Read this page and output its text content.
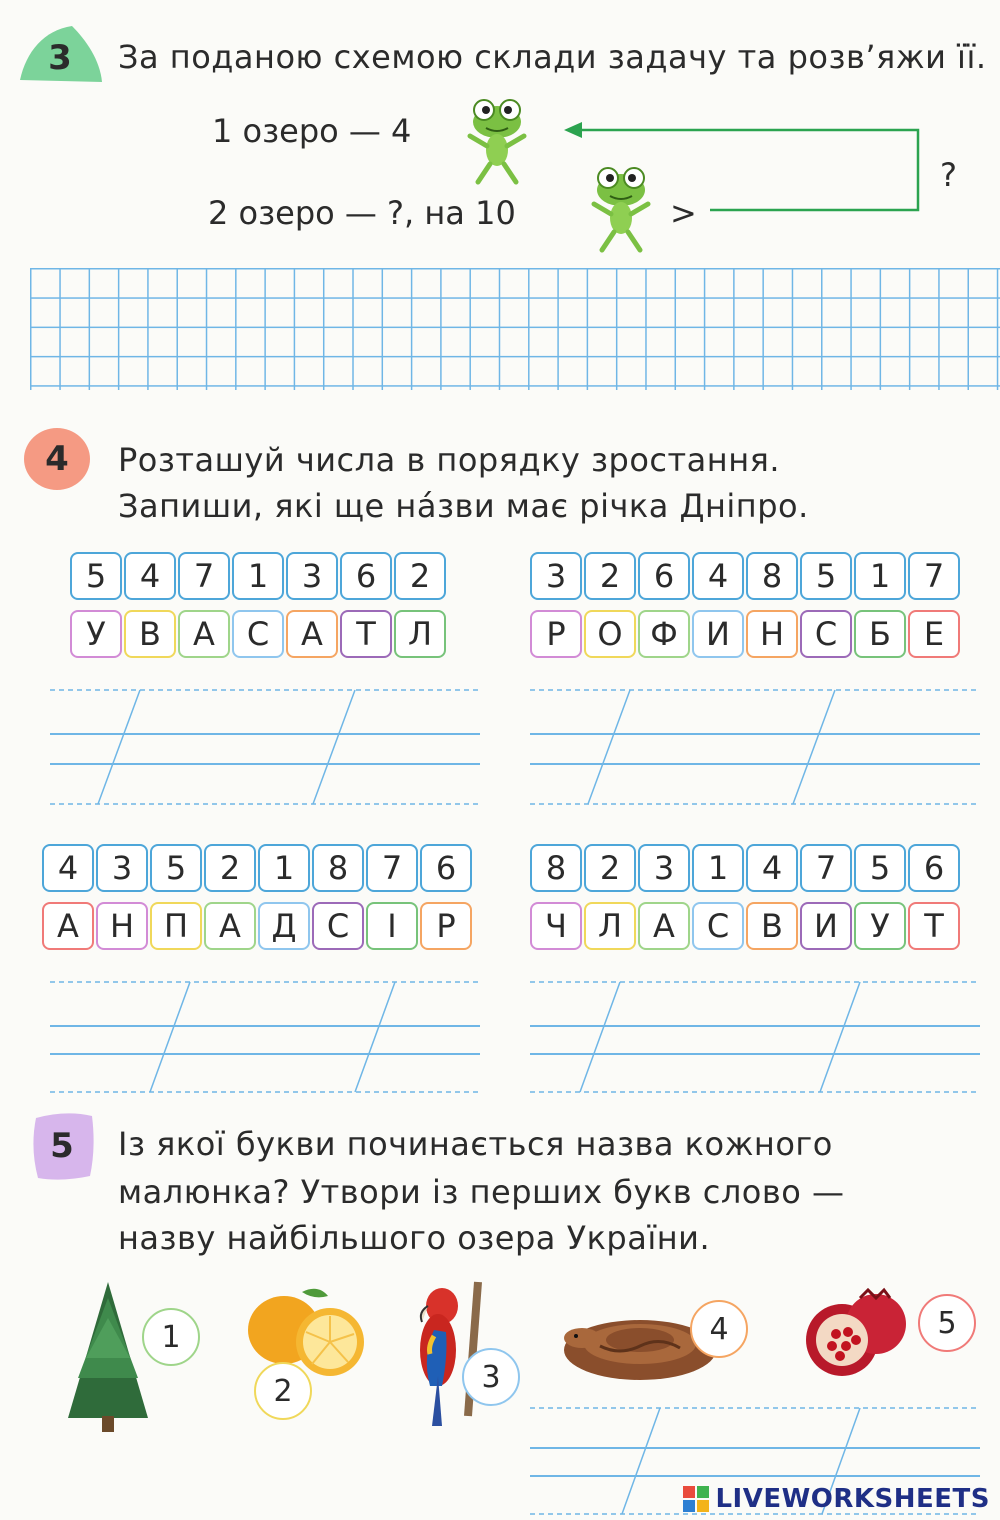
3 За поданою схемою склади задачу та розв’яжи її.
1 озеро — 4
2 озеро — ?, на 10	>
?
4 Розташуй числа в порядку зростання.
Запиши, які ще на́зви має річка Дніпро.
5	4	7	1	3	6	2
У	В	А С А	Т	Л
3	2	6	4	8	5	1	7
Р О Ф И Н С Б	Е
4	3	5	2	1	8	7	6
А Н П А Д С	І	Р
8	2	3	1	4	7	5	6
Ч Л А С В И	У	Т
5 Із якої букви починається назва кожного
малюнка? Утвори із перших букв слово —
назву найбільшого озера України.
1
2	3
4	5
LIVEWORKSHEETS
